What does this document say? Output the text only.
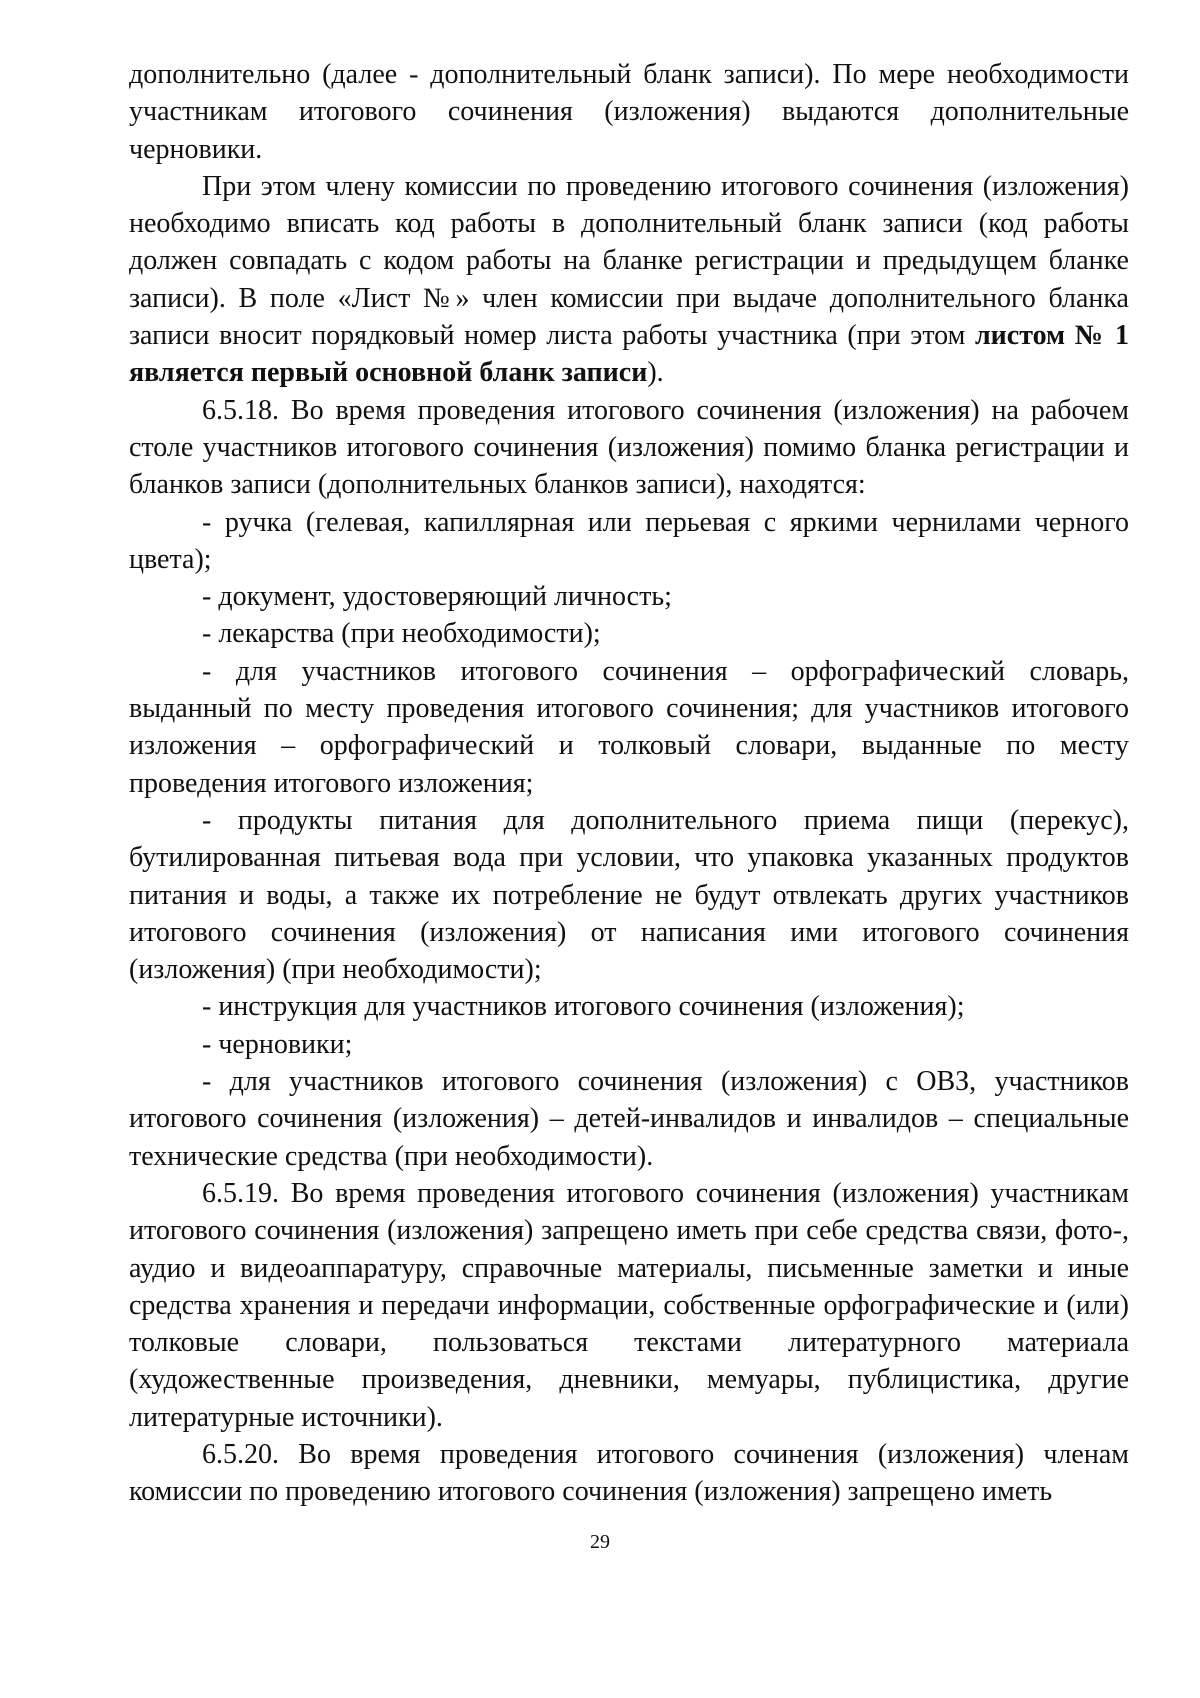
дополнительно (далее - дополнительный бланк записи). По мере необходимости участникам итогового сочинения (изложения) выдаются дополнительные черновики.

При этом члену комиссии по проведению итогового сочинения (изложения) необходимо вписать код работы в дополнительный бланк записи (код работы должен совпадать с кодом работы на бланке регистрации и предыдущем бланке записи). В поле «Лист №» член комиссии при выдаче дополнительного бланка записи вносит порядковый номер листа работы участника (при этом листом № 1 является первый основной бланк записи).

6.5.18. Во время проведения итогового сочинения (изложения) на рабочем столе участников итогового сочинения (изложения) помимо бланка регистрации и бланков записи (дополнительных бланков записи), находятся:

- ручка (гелевая, капиллярная или перьевая с яркими чернилами черного цвета);

- документ, удостоверяющий личность;

- лекарства (при необходимости);

- для участников итогового сочинения – орфографический словарь, выданный по месту проведения итогового сочинения; для участников итогового изложения – орфографический и толковый словари, выданные по месту проведения итогового изложения;

- продукты питания для дополнительного приема пищи (перекус), бутилированная питьевая вода при условии, что упаковка указанных продуктов питания и воды, а также их потребление не будут отвлекать других участников итогового сочинения (изложения) от написания ими итогового сочинения (изложения) (при необходимости);

- инструкция для участников итогового сочинения (изложения);

- черновики;

- для участников итогового сочинения (изложения) с ОВЗ, участников итогового сочинения (изложения) – детей-инвалидов и инвалидов – специальные технические средства (при необходимости).

6.5.19. Во время проведения итогового сочинения (изложения) участникам итогового сочинения (изложения) запрещено иметь при себе средства связи, фото-, аудио и видеоаппаратуру, справочные материалы, письменные заметки и иные средства хранения и передачи информации, собственные орфографические и (или) толковые словари, пользоваться текстами литературного материала (художественные произведения, дневники, мемуары, публицистика, другие литературные источники).

6.5.20. Во время проведения итогового сочинения (изложения) членам комиссии по проведению итогового сочинения (изложения) запрещено иметь

29
